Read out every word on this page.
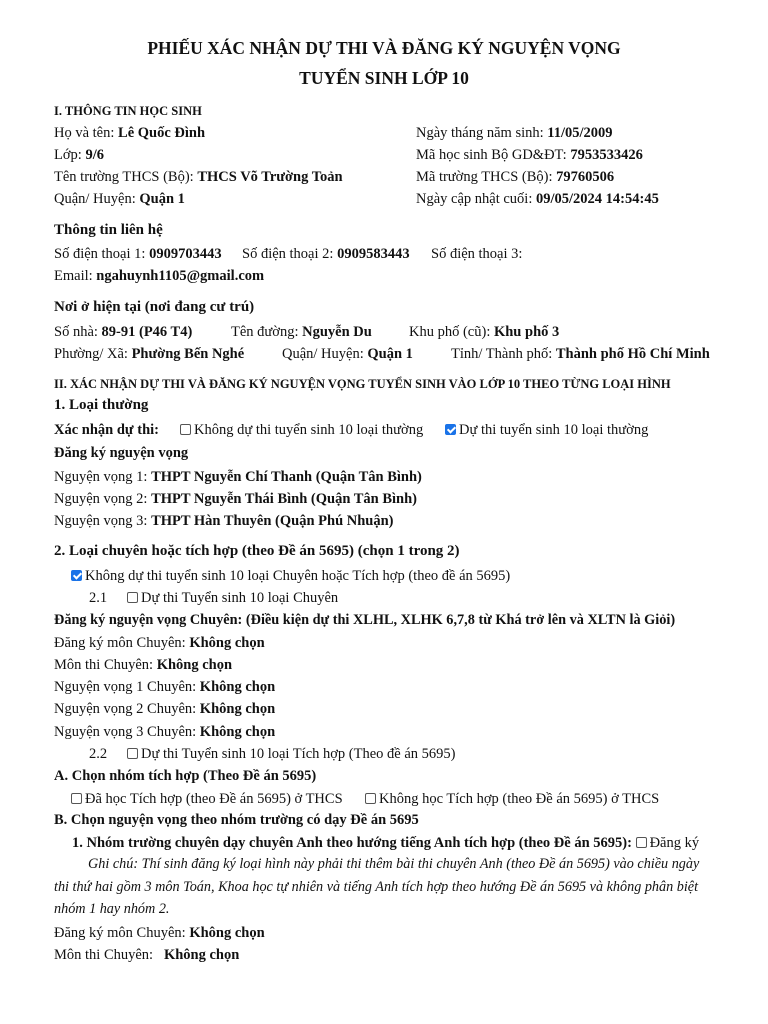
PHIẾU XÁC NHẬN DỰ THI VÀ ĐĂNG KÝ NGUYỆN VỌNG
TUYỂN SINH LỚP 10
I. THÔNG TIN HỌC SINH
Họ và tên: Lê Quốc Đình	Ngày tháng năm sinh: 11/05/2009
Lớp: 9/6	Mã học sinh Bộ GD&ĐT: 7953533426
Tên trường THCS (Bộ): THCS Võ Trường Toản	Mã trường THCS (Bộ): 79760506
Quận/ Huyện: Quận 1	Ngày cập nhật cuối: 09/05/2024 14:54:45
Thông tin liên hệ
Số điện thoại 1: 0909703443 Số điện thoại 2: 0909583443 Số điện thoại 3:
Email: ngahuynh1105@gmail.com
Nơi ở hiện tại (nơi đang cư trú)
Số nhà: 89-91 (P46 T4)	Tên đường: Nguyễn Du	Khu phố (cũ): Khu phố 3
Phường/ Xã: Phường Bến Nghé	Quận/ Huyện: Quận 1	Tỉnh/ Thành phố: Thành phố Hồ Chí Minh
II. XÁC NHẬN DỰ THI VÀ ĐĂNG KÝ NGUYỆN VỌNG TUYỂN SINH VÀO LỚP 10 THEO TỪNG LOẠI HÌNH
1. Loại thường
Xác nhận dự thi:	Không dự thi tuyển sinh 10 loại thường	Dự thi tuyển sinh 10 loại thường
Đăng ký nguyện vọng
Nguyện vọng 1: THPT Nguyễn Chí Thanh (Quận Tân Bình)
Nguyện vọng 2: THPT Nguyễn Thái Bình (Quận Tân Bình)
Nguyện vọng 3: THPT Hàn Thuyên (Quận Phú Nhuận)
2. Loại chuyên hoặc tích hợp (theo Đề án 5695) (chọn 1 trong 2)
Không dự thi tuyển sinh 10 loại Chuyên hoặc Tích hợp (theo đề án 5695)
2.1	Dự thi Tuyển sinh 10 loại Chuyên
Đăng ký nguyện vọng Chuyên: (Điều kiện dự thi XLHL, XLHK 6,7,8 từ Khá trở lên và XLTN là Giỏi)
Đăng ký môn Chuyên: Không chọn
Môn thi Chuyên: Không chọn
Nguyện vọng 1 Chuyên: Không chọn
Nguyện vọng 2 Chuyên: Không chọn
Nguyện vọng 3 Chuyên: Không chọn
2.2	Dự thi Tuyển sinh 10 loại Tích hợp (Theo đề án 5695)
A. Chọn nhóm tích hợp (Theo Đề án 5695)
Đã học Tích hợp (theo Đề án 5695) ở THCS	Không học Tích hợp (theo Đề án 5695) ở THCS
B. Chọn nguyện vọng theo nhóm trường có dạy Đề án 5695
1. Nhóm trường chuyên dạy chuyên Anh theo hướng tiếng Anh tích hợp (theo Đề án 5695): Đăng ký
Ghi chú: Thí sinh đăng ký loại hình này phải thi thêm bài thi chuyên Anh (theo Đề án 5695) vào chiều ngày thi thứ hai gồm 3 môn Toán, Khoa học tự nhiên và tiếng Anh tích hợp theo hướng Đề án 5695 và không phân biệt nhóm 1 hay nhóm 2.
Đăng ký môn Chuyên: Không chọn
Môn thi Chuyên:   Không chọn
